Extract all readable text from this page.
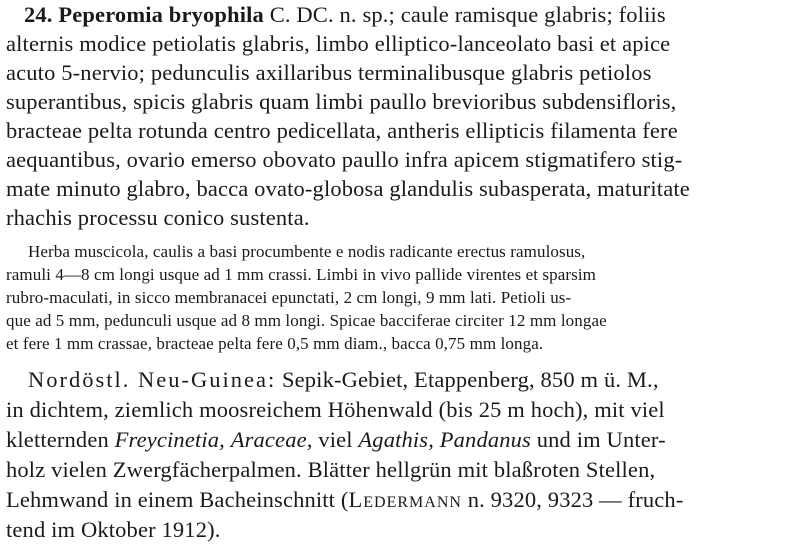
24. Peperomia bryophila C. DC. n. sp.; caule ramisque glabris; foliis
alternis modice petiolatis glabris, limbo elliptico-lanceolato basi et apice
acuto 5-nervio; pedunculis axillaribus terminalibusque glabris petiolos
superantibus, spicis glabris quam limbi paullo brevioribus subdensifloris,
bracteae pelta rotunda centro pedicellata, antheris ellipticis filamenta fere
aequantibus, ovario emerso obovato paullo infra apicem stigmatifero stig-
mate minuto glabro, bacca ovato-globosa glandulis subasperata, maturitate
rhachis processu conico sustenta.
Herba muscicola, caulis a basi procumbente e nodis radicante erectus ramulosus,
ramuli 4—8 cm longi usque ad 1 mm crassi. Limbi in vivo pallide virentes et sparsim
rubro-maculati, in sicco membranacei epunctati, 2 cm longi, 9 mm lati. Petioli us-
que ad 5 mm, pedunculi usque ad 8 mm longi. Spicae bacciferae circiter 12 mm longae
et fere 1 mm crassae, bracteae pelta fere 0,5 mm diam., bacca 0,75 mm longa.
Nordöstl. Neu-Guinea: Sepik-Gebiet, Etappenberg, 850 m ü. M.,
in dichtem, ziemlich moosreichem Höhenwald (bis 25 m hoch), mit viel
kletternden Freycinetia, Araceae, viel Agathis, Pandanus und im Unter-
holz vielen Zwergfächerpalmen. Blätter hellgrün mit blaßroten Stellen,
Lehmwand in einem Bacheinschnitt (Ledermann n. 9320, 9323 — fruch-
tend im Oktober 1912).
